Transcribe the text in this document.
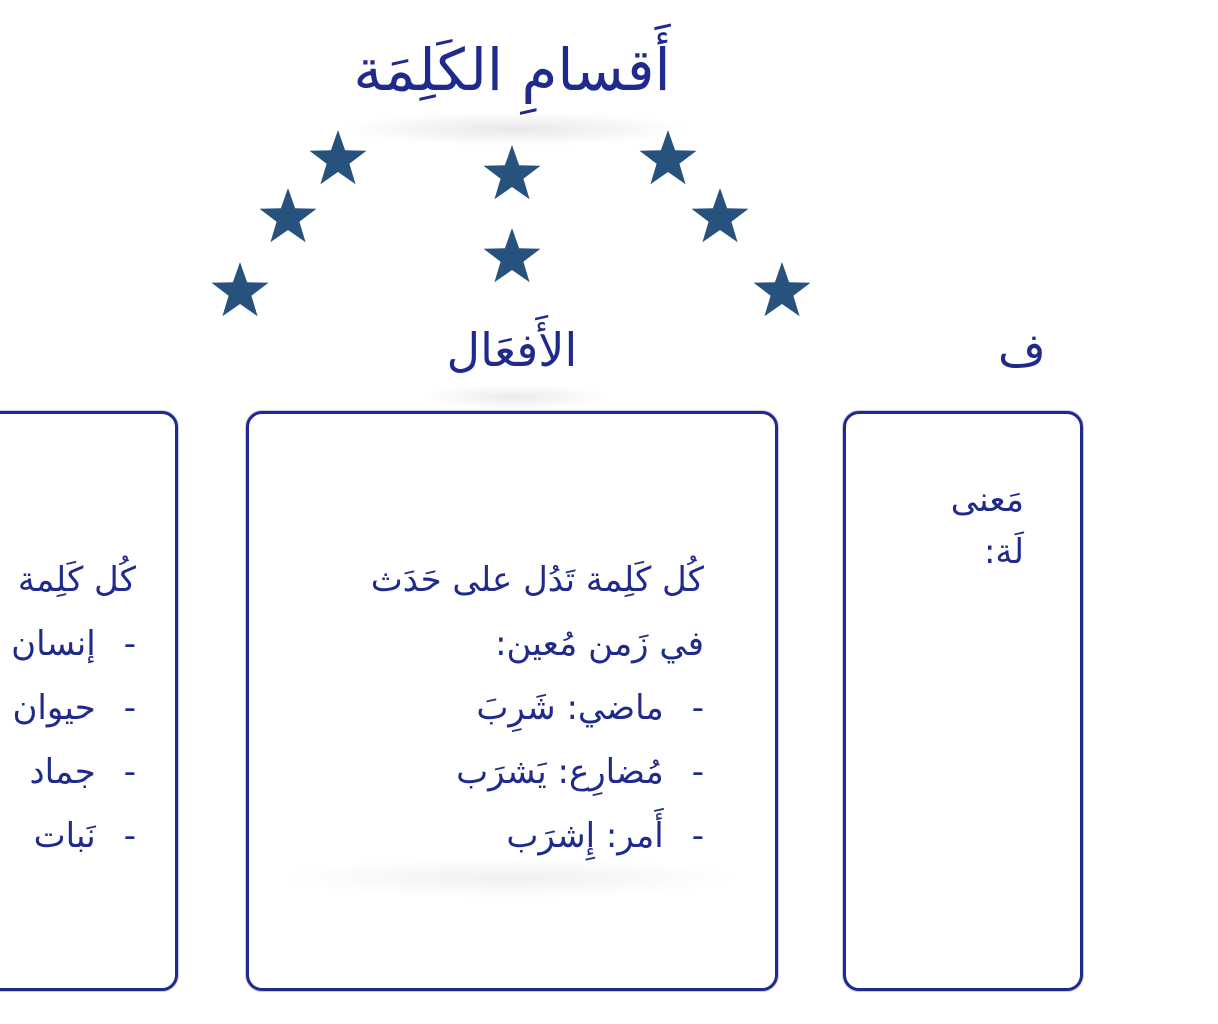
أَقسامِ الكَلِمَة
الأَفعَال	ف
كُل كَلِمة
-إنسان
-حيوان
-جماد
-نَبات
كُل كَلِمة تَدُل على حَدَث
في زَمن مُعين:
-ماضي: شَرِبَ
-مُضارِع: يَشرَب
-أَمر: إِشرَب
مَعنى
لَة:
